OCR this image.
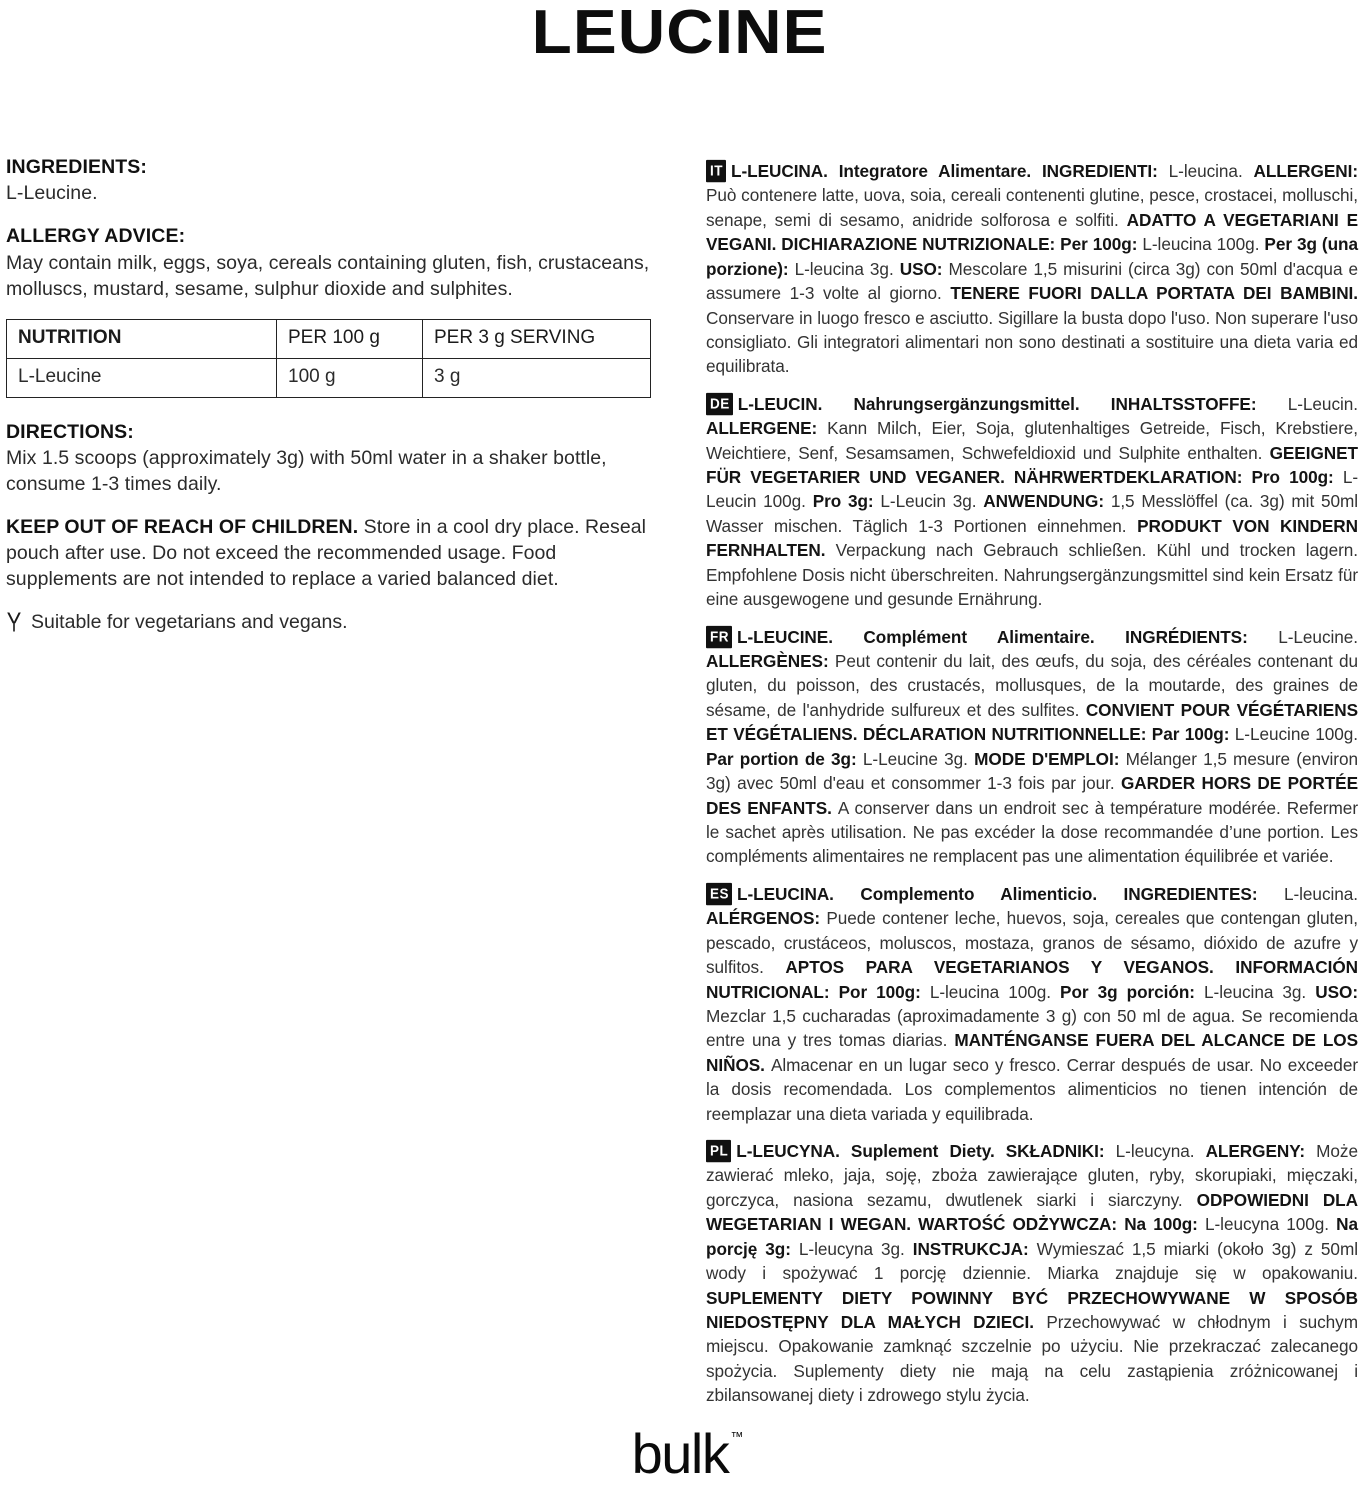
LEUCINE

INGREDIENTS:

L-Leucine.

ALLERGY ADVICE:

May contain milk, eggs, soya, cereals containing gluten, fish, crustaceans, molluscs, mustard, sesame, sulphur dioxide and sulphites.

NUTRITION	PER 100 g	PER 3 g SERVING
L-Leucine	100 g	3 g

DIRECTIONS:

Mix 1.5 scoops (approximately 3g) with 50ml water in a shaker bottle, consume 1-3 times daily.

KEEP OUT OF REACH OF CHILDREN. Store in a cool dry place. Reseal pouch after use. Do not exceed the recommended usage. Food supplements are not intended to replace a varied balanced diet.

Suitable for vegetarians and vegans.

IT L-LEUCINA. Integratore Alimentare. INGREDIENTI: L-leucina. ALLERGENI: Può contenere latte, uova, soia, cereali contenenti glutine, pesce, crostacei, molluschi, senape, semi di sesamo, anidride solforosa e solfiti. ADATTO A VEGETARIANI E VEGANI. DICHIARAZIONE NUTRIZIONALE: Per 100g: L-leucina 100g. Per 3g (una porzione): L-leucina 3g. USO: Mescolare 1,5 misurini (circa 3g) con 50ml d'acqua e assumere 1-3 volte al giorno. TENERE FUORI DALLA PORTATA DEI BAMBINI. Conservare in luogo fresco e asciutto. Sigillare la busta dopo l'uso. Non superare l'uso consigliato. Gli integratori alimentari non sono destinati a sostituire una dieta varia ed equilibrata.

DE L-LEUCIN. Nahrungsergänzungsmittel. INHALTSSTOFFE: L-Leucin. ALLERGENE: Kann Milch, Eier, Soja, glutenhaltiges Getreide, Fisch, Krebstiere, Weichtiere, Senf, Sesamsamen, Schwefeldioxid und Sulphite enthalten. GEEIGNET FÜR VEGETARIER UND VEGANER. NÄHRWERTDEKLARATION: Pro 100g: L-Leucin 100g. Pro 3g: L-Leucin 3g. ANWENDUNG: 1,5 Messlöffel (ca. 3g) mit 50ml Wasser mischen. Täglich 1-3 Portionen einnehmen. PRODUKT VON KINDERN FERNHALTEN. Verpackung nach Gebrauch schließen. Kühl und trocken lagern. Empfohlene Dosis nicht überschreiten. Nahrungsergänzungsmittel sind kein Ersatz für eine ausgewogene und gesunde Ernährung.

FR L-LEUCINE. Complément Alimentaire. INGRÉDIENTS: L-Leucine. ALLERGÈNES: Peut contenir du lait, des œufs, du soja, des céréales contenant du gluten, du poisson, des crustacés, mollusques, de la moutarde, des graines de sésame, de l'anhydride sulfureux et des sulfites. CONVIENT POUR VÉGÉTARIENS ET VÉGÉTALIENS. DÉCLARATION NUTRITIONNELLE: Par 100g: L-Leucine 100g. Par portion de 3g: L-Leucine 3g. MODE D'EMPLOI: Mélanger 1,5 mesure (environ 3g) avec 50ml d'eau et consommer 1-3 fois par jour. GARDER HORS DE PORTÉE DES ENFANTS. A conserver dans un endroit sec à température modérée. Refermer le sachet après utilisation. Ne pas excéder la dose recommandée d’une portion. Les compléments alimentaires ne remplacent pas une alimentation équilibrée et variée.

ES L-LEUCINA. Complemento Alimenticio. INGREDIENTES: L-leucina. ALÉRGENOS: Puede contener leche, huevos, soja, cereales que contengan gluten, pescado, crustáceos, moluscos, mostaza, granos de sésamo, dióxido de azufre y sulfitos. APTOS PARA VEGETARIANOS Y VEGANOS. INFORMACIÓN NUTRICIONAL: Por 100g: L-leucina 100g. Por 3g porción: L-leucina 3g. USO: Mezclar 1,5 cucharadas (aproximadamente 3 g) con 50 ml de agua. Se recomienda entre una y tres tomas diarias. MANTÉNGANSE FUERA DEL ALCANCE DE LOS NIÑOS. Almacenar en un lugar seco y fresco. Cerrar después de usar. No exceeder la dosis recomendada. Los complementos alimenticios no tienen intención de reemplazar una dieta variada y equilibrada.

PL L-LEUCYNA. Suplement Diety. SKŁADNIKI: L-leucyna. ALERGENY: Może zawierać mleko, jaja, soję, zboża zawierające gluten, ryby, skorupiaki, mięczaki, gorczyca, nasiona sezamu, dwutlenek siarki i siarczyny. ODPOWIEDNI DLA WEGETARIAN I WEGAN. WARTOŚĆ ODŻYWCZA: Na 100g: L-leucyna 100g. Na porcję 3g: L-leucyna 3g. INSTRUKCJA: Wymieszać 1,5 miarki (około 3g) z 50ml wody i spożywać 1 porcję dziennie. Miarka znajduje się w opakowaniu. SUPLEMENTY DIETY POWINNY BYĆ PRZECHOWYWANE W SPOSÓB NIEDOSTĘPNY DLA MAŁYCH DZIECI. Przechowywać w chłodnym i suchym miejscu. Opakowanie zamknąć szczelnie po użyciu. Nie przekraczać zalecanego spożycia. Suplementy diety nie mają na celu zastąpienia zróżnicowanej i zbilansowanej diety i zdrowego stylu życia.

bulk ™
